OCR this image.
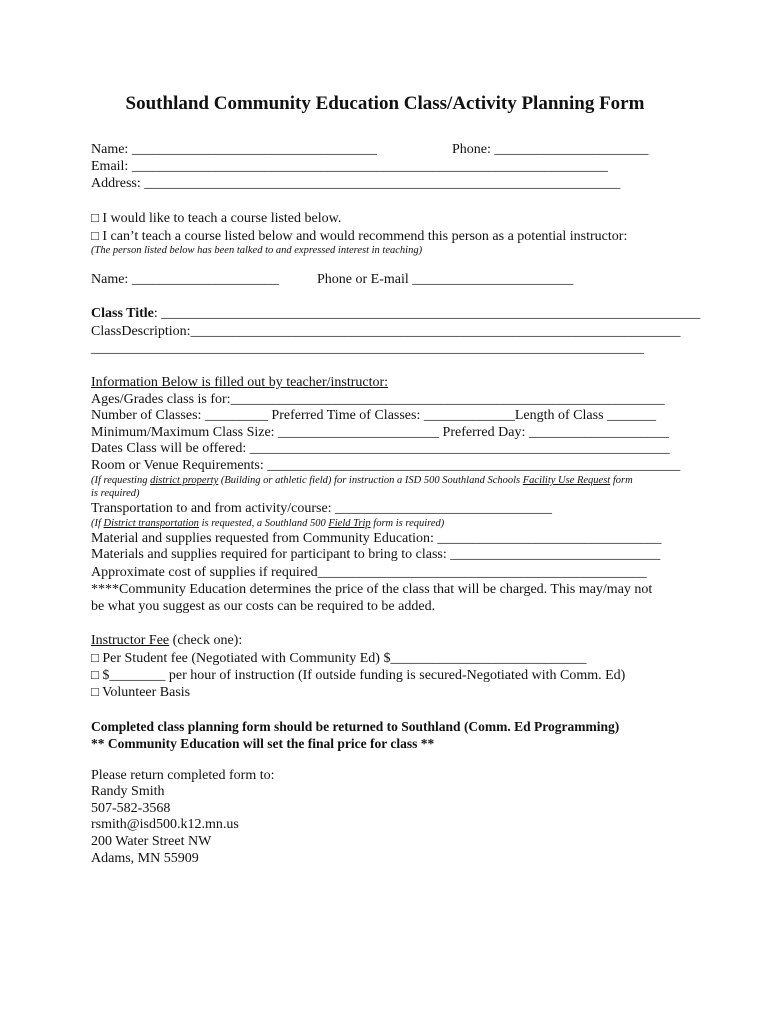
Southland Community Education Class/Activity Planning Form
Name: ___________________________________	Phone: ______________________
Email: ____________________________________________________________________
Address: ____________________________________________________________________
□ I would like to teach a course listed below.
□ I can’t teach a course listed below and would recommend this person as a potential instructor:
(The person listed below has been talked to and expressed interest in teaching)
Name: _____________________	Phone or E-mail _______________________
Class Title: _____________________________________________________________________________
ClassDescription:______________________________________________________________________
_______________________________________________________________________________
Information Below is filled out by teacher/instructor:
Ages/Grades class is for:______________________________________________________________
Number of Classes: _________ Preferred Time of Classes: _____________Length of Class _______
Minimum/Maximum Class Size: _______________________ Preferred Day: ____________________
Dates Class will be offered: ____________________________________________________________
Room or Venue Requirements: ___________________________________________________________
(If requesting district property (Building or athletic field) for instruction a ISD 500 Southland Schools Facility Use Request form
is required)
Transportation to and from activity/course: _______________________________
(If District transportation is requested, a Southland 500 Field Trip form is required)
Material and supplies requested from Community Education: ________________________________
Materials and supplies required for participant to bring to class: ______________________________
Approximate cost of supplies if required_______________________________________________
****Community Education determines the price of the class that will be charged. This may/may not
be what you suggest as our costs can be required to be added.
Instructor Fee (check one):
□ Per Student fee (Negotiated with Community Ed) $____________________________
□ $________ per hour of instruction (If outside funding is secured-Negotiated with Comm. Ed)
□ Volunteer Basis
Completed class planning form should be returned to Southland (Comm. Ed Programming)
** Community Education will set the final price for class **
Please return completed form to:
Randy Smith
507-582-3568
rsmith@isd500.k12.mn.us
200 Water Street NW
Adams, MN 55909
